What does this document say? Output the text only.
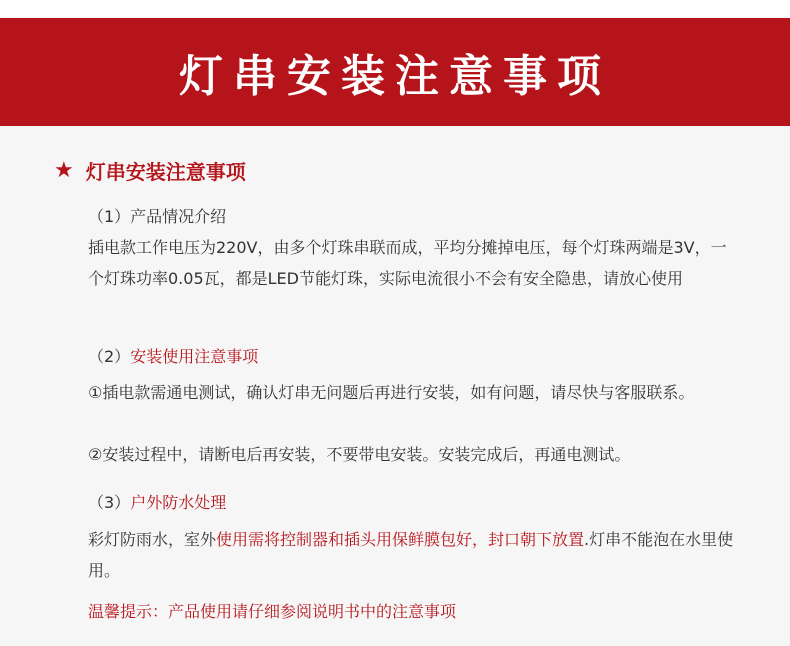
灯串安装注意事项
★ 灯串安装注意事项
（1）产品情况介绍
插电款工作电压为220V，由多个灯珠串联而成，平均分摊掉电压，每个灯珠两端是3V，一个灯珠功率0.05瓦，都是LED节能灯珠，实际电流很小不会有安全隐患，请放心使用
（2）安装使用注意事项
①插电款需通电测试，确认灯串无问题后再进行安装，如有问题，请尽快与客服联系。
②安装过程中，请断电后再安装，不要带电安装。安装完成后，再通电测试。
（3）户外防水处理
彩灯防雨水，室外使用需将控制器和插头用保鲜膜包好，封口朝下放置.灯串不能泡在水里使用。
温馨提示：产品使用请仔细参阅说明书中的注意事项
